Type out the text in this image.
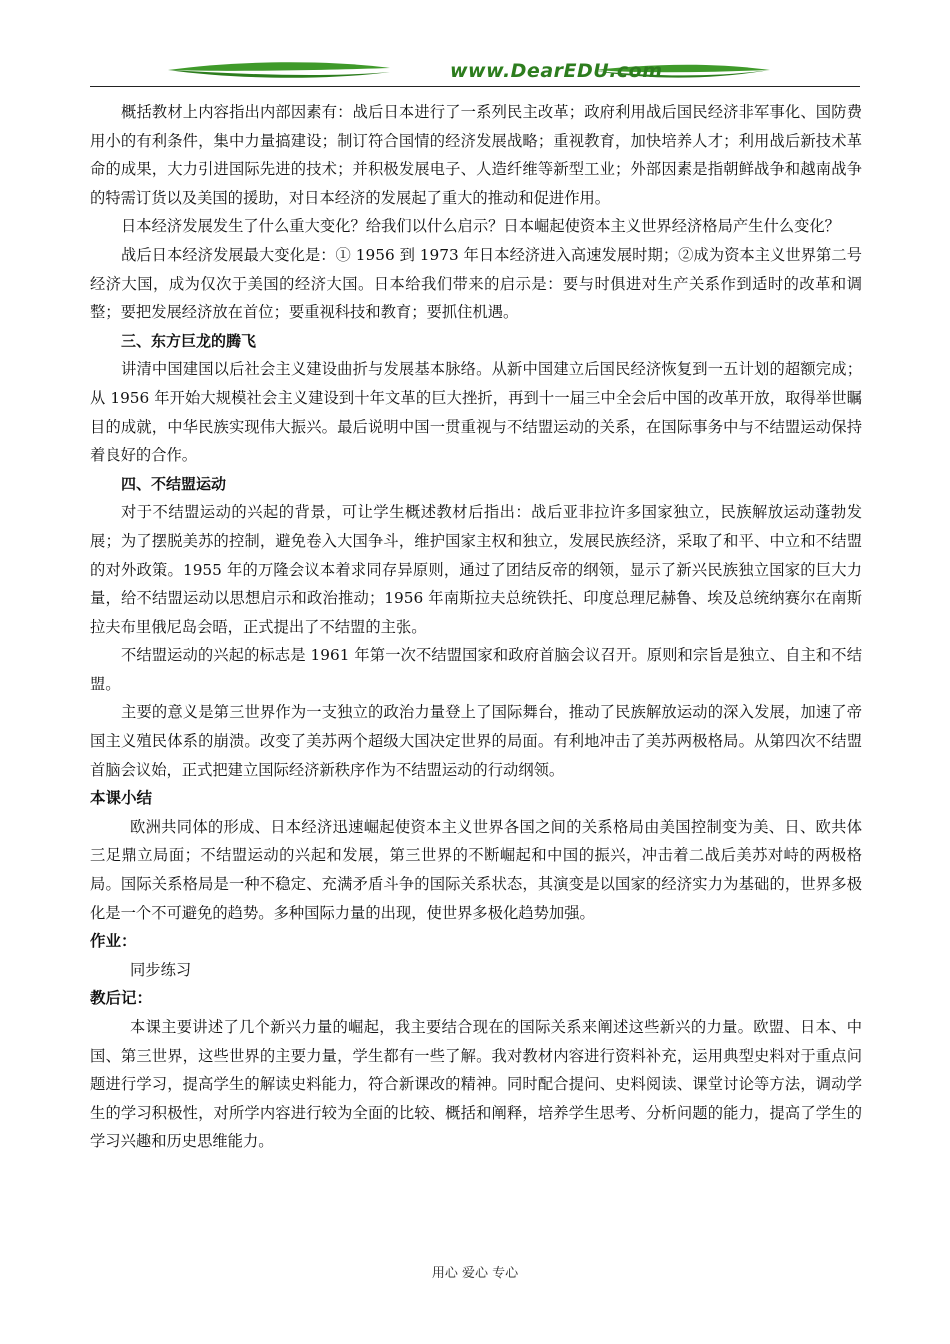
www.DearEDU.com

概括教材上内容指出内部因素有：战后日本进行了一系列民主改革；政府利用战后国民经济非军事化、国防费用小的有利条件，集中力量搞建设；制订符合国情的经济发展战略；重视教育，加快培养人才；利用战后新技术革命的成果，大力引进国际先进的技术；并积极发展电子、人造纤维等新型工业；外部因素是指朝鲜战争和越南战争的特需订货以及美国的援助，对日本经济的发展起了重大的推动和促进作用。

日本经济发展发生了什么重大变化？给我们以什么启示？日本崛起使资本主义世界经济格局产生什么变化？

战后日本经济发展最大变化是：① 1956 到 1973 年日本经济进入高速发展时期；②成为资本主义世界第二号经济大国，成为仅次于美国的经济大国。日本给我们带来的启示是：要与时俱进对生产关系作到适时的改革和调整；要把发展经济放在首位；要重视科技和教育；要抓住机遇。

三、东方巨龙的腾飞

讲清中国建国以后社会主义建设曲折与发展基本脉络。从新中国建立后国民经济恢复到一五计划的超额完成；从 1956 年开始大规模社会主义建设到十年文革的巨大挫折，再到十一届三中全会后中国的改革开放，取得举世瞩目的成就，中华民族实现伟大振兴。最后说明中国一贯重视与不结盟运动的关系，在国际事务中与不结盟运动保持着良好的合作。

四、不结盟运动

对于不结盟运动的兴起的背景，可让学生概述教材后指出：战后亚非拉许多国家独立，民族解放运动蓬勃发展；为了摆脱美苏的控制，避免卷入大国争斗，维护国家主权和独立，发展民族经济，采取了和平、中立和不结盟的对外政策。1955 年的万隆会议本着求同存异原则，通过了团结反帝的纲领，显示了新兴民族独立国家的巨大力量，给不结盟运动以思想启示和政治推动；1956 年南斯拉夫总统铁托、印度总理尼赫鲁、埃及总统纳赛尔在南斯拉夫布里俄尼岛会晤，正式提出了不结盟的主张。

不结盟运动的兴起的标志是 1961 年第一次不结盟国家和政府首脑会议召开。原则和宗旨是独立、自主和不结盟。

主要的意义是第三世界作为一支独立的政治力量登上了国际舞台，推动了民族解放运动的深入发展，加速了帝国主义殖民体系的崩溃。改变了美苏两个超级大国决定世界的局面。有利地冲击了美苏两极格局。从第四次不结盟首脑会议始，正式把建立国际经济新秩序作为不结盟运动的行动纲领。

本课小结

欧洲共同体的形成、日本经济迅速崛起使资本主义世界各国之间的关系格局由美国控制变为美、日、欧共体三足鼎立局面；不结盟运动的兴起和发展，第三世界的不断崛起和中国的振兴，冲击着二战后美苏对峙的两极格局。国际关系格局是一种不稳定、充满矛盾斗争的国际关系状态，其演变是以国家的经济实力为基础的，世界多极化是一个不可避免的趋势。多种国际力量的出现，使世界多极化趋势加强。

作业：

同步练习

教后记：

本课主要讲述了几个新兴力量的崛起，我主要结合现在的国际关系来阐述这些新兴的力量。欧盟、日本、中国、第三世界，这些世界的主要力量，学生都有一些了解。我对教材内容进行资料补充，运用典型史料对于重点问题进行学习，提高学生的解读史料能力，符合新课改的精神。同时配合提问、史料阅读、课堂讨论等方法，调动学生的学习积极性，对所学内容进行较为全面的比较、概括和阐释，培养学生思考、分析问题的能力，提高了学生的学习兴趣和历史思维能力。

用心 爱心 专心
